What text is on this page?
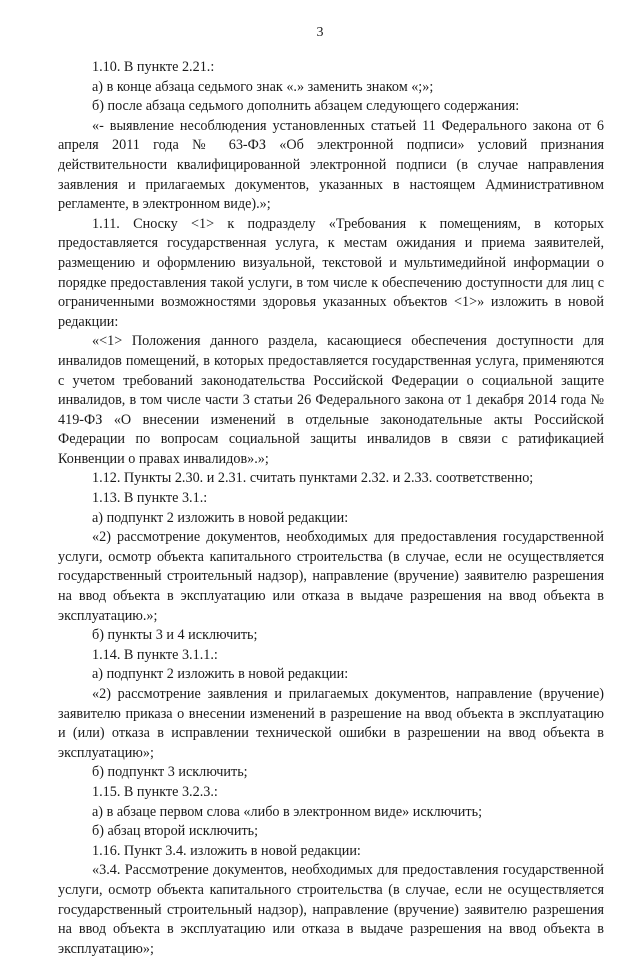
3

1.10. В пункте 2.21.:

а) в конце абзаца седьмого знак «.» заменить знаком «;»;

б) после абзаца седьмого дополнить абзацем следующего содержания:

«- выявление несоблюдения установленных статьей 11 Федерального закона от 6 апреля 2011 года № 63-ФЗ «Об электронной подписи» условий признания действительности квалифицированной электронной подписи (в случае направления заявления и прилагаемых документов, указанных в настоящем Административном регламенте, в электронном виде).»;

1.11. Сноску <1> к подразделу «Требования к помещениям, в которых предоставляется государственная услуга, к местам ожидания и приема заявителей, размещению и оформлению визуальной, текстовой и мультимедийной информации о порядке предоставления такой услуги, в том числе к обеспечению доступности для лиц с ограниченными возможностями здоровья указанных объектов <1>» изложить в новой редакции:

«<1> Положения данного раздела, касающиеся обеспечения доступности для инвалидов помещений, в которых предоставляется государственная услуга, применяются с учетом требований законодательства Российской Федерации о социальной защите инвалидов, в том числе части 3 статьи 26 Федерального закона от 1 декабря 2014 года № 419-ФЗ «О внесении изменений в отдельные законодательные акты Российской Федерации по вопросам социальной защиты инвалидов в связи с ратификацией Конвенции о правах инвалидов».»;

1.12. Пункты 2.30. и 2.31. считать пунктами 2.32. и 2.33. соответственно;

1.13. В пункте 3.1.:

а) подпункт 2 изложить в новой редакции:

«2) рассмотрение документов, необходимых для предоставления государственной услуги, осмотр объекта капитального строительства (в случае, если не осуществляется государственный строительный надзор), направление (вручение) заявителю разрешения на ввод объекта в эксплуатацию или отказа в выдаче разрешения на ввод объекта в эксплуатацию.»;

б) пункты 3 и 4 исключить;

1.14. В пункте 3.1.1.:

а) подпункт 2 изложить в новой редакции:

«2) рассмотрение заявления и прилагаемых документов, направление (вручение) заявителю приказа о внесении изменений в разрешение на ввод объекта в эксплуатацию и (или) отказа в исправлении технической ошибки в разрешении на ввод объекта в эксплуатацию»;

б) подпункт 3 исключить;

1.15. В пункте 3.2.3.:

а) в абзаце первом слова «либо в электронном виде» исключить;

б) абзац второй исключить;

1.16. Пункт 3.4. изложить в новой редакции:

«3.4. Рассмотрение документов, необходимых для предоставления государственной услуги, осмотр объекта капитального строительства (в случае, если не осуществляется государственный строительный надзор), направление (вручение) заявителю разрешения на ввод объекта в эксплуатацию или отказа в выдаче разрешения на ввод объекта в эксплуатацию»;
